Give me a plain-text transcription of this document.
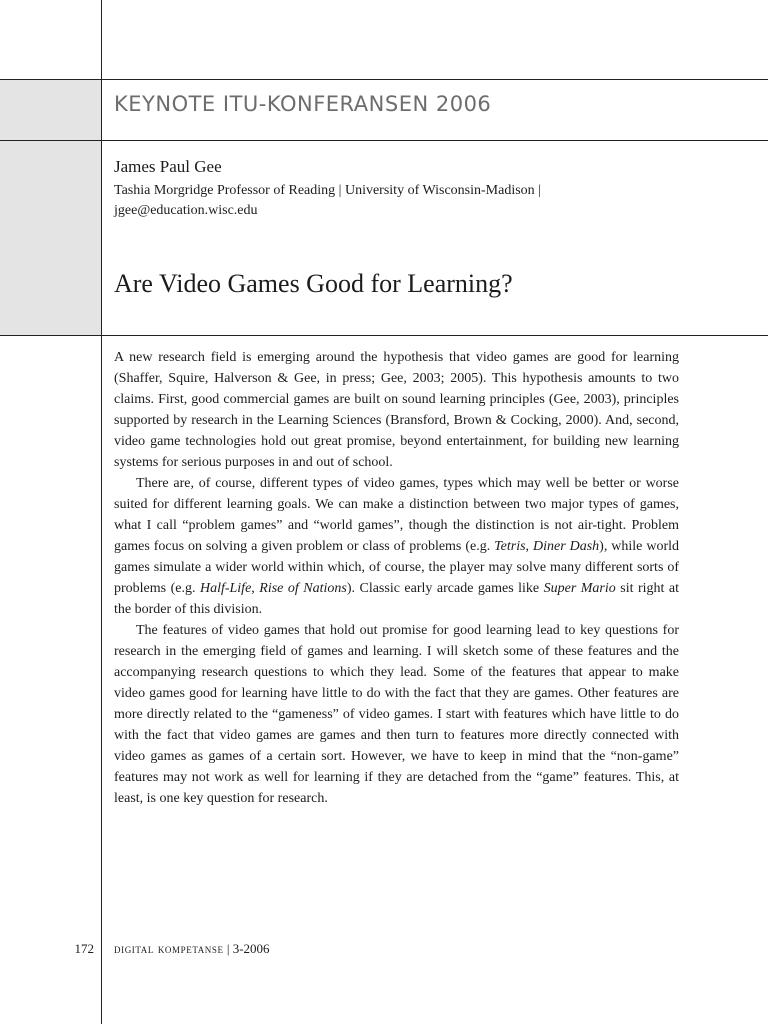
KEYNOTE ITU-KONFERANSEN 2006
James Paul Gee
Tashia Morgridge Professor of Reading | University of Wisconsin-Madison |
jgee@education.wisc.edu
Are Video Games Good for Learning?

A new research field is emerging around the hypothesis that video games are good for learning (Shaffer, Squire, Halverson & Gee, in press; Gee, 2003; 2005). This hypothesis amounts to two claims. First, good commercial games are built on sound learning principles (Gee, 2003), principles supported by research in the Learning Sciences (Bransford, Brown & Cocking, 2000). And, second, video game technologies hold out great promise, beyond entertainment, for building new learning systems for serious purposes in and out of school.

There are, of course, different types of video games, types which may well be better or worse suited for different learning goals. We can make a distinction between two major types of games, what I call “problem games” and “world games”, though the distinction is not air-tight. Problem games focus on solving a given problem or class of problems (e.g. Tetris, Diner Dash), while world games simulate a wider world within which, of course, the player may solve many different sorts of problems (e.g. Half-Life, Rise of Nations). Classic early arcade games like Super Mario sit right at the border of this division.

The features of video games that hold out promise for good learning lead to key questions for research in the emerging field of games and learning. I will sketch some of these features and the accompanying research questions to which they lead. Some of the features that appear to make video games good for learning have little to do with the fact that they are games. Other features are more directly related to the “gameness” of video games. I start with features which have little to do with the fact that video games are games and then turn to features more directly connected with video games as games of a certain sort. However, we have to keep in mind that the “non-game” features may not work as well for learning if they are detached from the “game” features. This, at least, is one key question for research.

172 digital kompetanse | 3-2006
